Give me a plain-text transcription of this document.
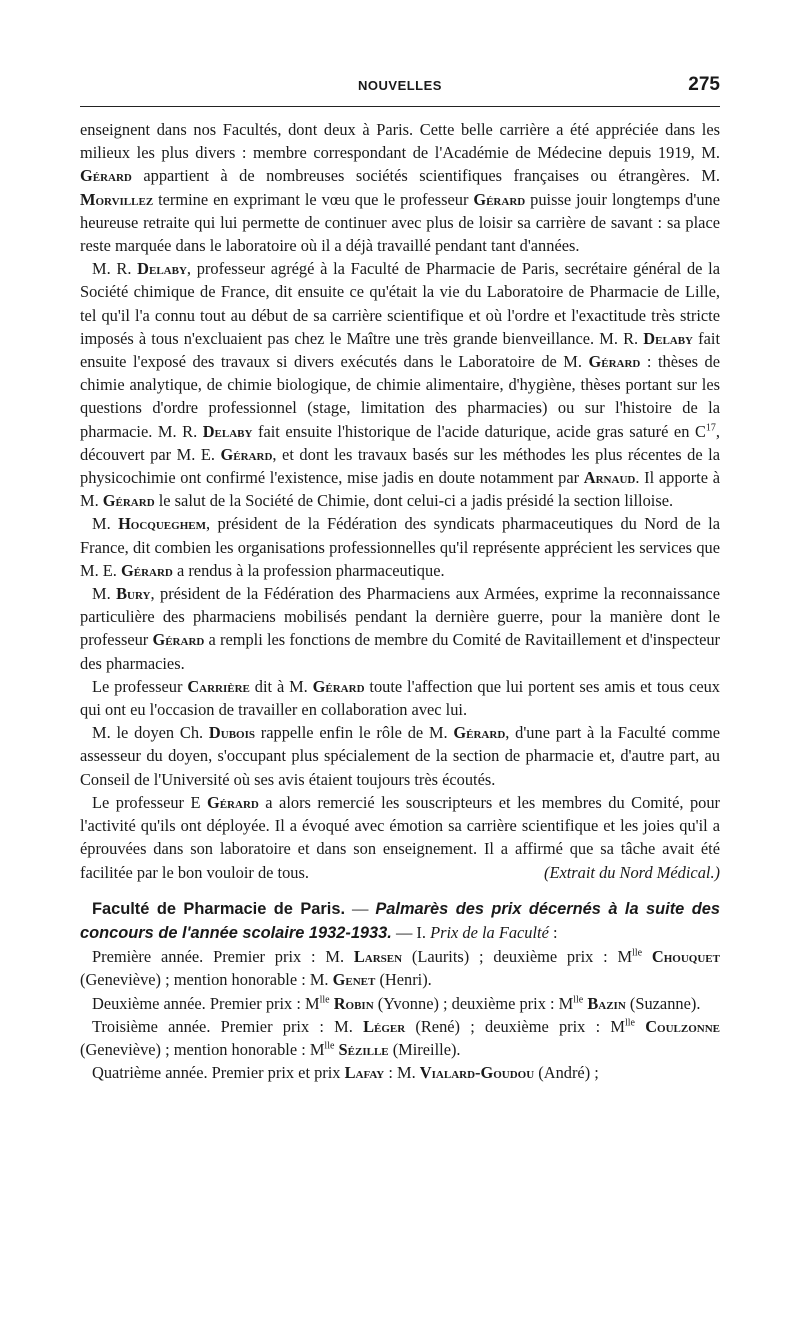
NOUVELLES	275

enseignent dans nos Facultés, dont deux à Paris. Cette belle carrière a été appréciée dans les milieux les plus divers : membre correspondant de l'Académie de Médecine depuis 1919, M. Gérard appartient à de nombreuses sociétés scientifiques françaises ou étrangères. M. Morvillez termine en exprimant le vœu que le professeur Gérard puisse jouir longtemps d'une heureuse retraite qui lui permette de continuer avec plus de loisir sa carrière de savant : sa place reste marquée dans le laboratoire où il a déjà travaillé pendant tant d'années.

M. R. Delaby, professeur agrégé à la Faculté de Pharmacie de Paris, secrétaire général de la Société chimique de France, dit ensuite ce qu'était la vie du Laboratoire de Pharmacie de Lille, tel qu'il l'a connu tout au début de sa carrière scientifique et où l'ordre et l'exactitude très stricte imposés à tous n'excluaient pas chez le Maître une très grande bienveillance. M. R. Delaby fait ensuite l'exposé des travaux si divers exécutés dans le Laboratoire de M. Gérard : thèses de chimie analytique, de chimie biologique, de chimie alimentaire, d'hygiène, thèses portant sur les questions d'ordre professionnel (stage, limitation des pharmacies) ou sur l'histoire de la pharmacie. M. R. Delaby fait ensuite l'historique de l'acide daturique, acide gras saturé en $C^{17}$, découvert par M. E. Gérard, et dont les travaux basés sur les méthodes les plus récentes de la physicochimie ont confirmé l'existence, mise jadis en doute notamment par Arnaud. Il apporte à M. Gérard le salut de la Société de Chimie, dont celui-ci a jadis présidé la section lilloise.

M. Hocquegheм, président de la Fédération des syndicats pharmaceutiques du Nord de la France, dit combien les organisations professionnelles qu'il représente apprécient les services que M. E. Gérard a rendus à la profession pharmaceutique.

M. Bury, président de la Fédération des Pharmaciens aux Armées, exprime la reconnaissance particulière des pharmaciens mobilisés pendant la dernière guerre, pour la manière dont le professeur Gérard a rempli les fonctions de membre du Comité de Ravitaillement et d'inspecteur des pharmacies.

Le professeur Carrière dit à M. Gérard toute l'affection que lui portent ses amis et tous ceux qui ont eu l'occasion de travailler en collaboration avec lui.

M. le doyen Ch. Dubois rappelle enfin le rôle de M. Gérard, d'une part à la Faculté comme assesseur du doyen, s'occupant plus spécialement de la section de pharmacie et, d'autre part, au Conseil de l'Université où ses avis étaient toujours très écoutés.

Le professeur E Gérard a alors remercié les souscripteurs et les membres du Comité, pour l'activité qu'ils ont déployée. Il a évoqué avec émotion sa carrière scientifique et les joies qu'il a éprouvées dans son laboratoire et dans son enseignement. Il a affirmé que sa tâche avait été facilitée par le bon vouloir de tous.	(Extrait du Nord Médical.)

Faculté de Pharmacie de Paris. — Palmarès des prix décernés à la suite des concours de l'année scolaire 1932-1933. — I. Prix de la Faculté :

Première année. Premier prix : M. Larsen (Laurits) ; deuxième prix : $M^{lle}$ Chouquet (Geneviève) ; mention honorable : M. Genet (Henri).

Deuxième année. Premier prix : $M^{lle}$ Robin (Yvonne) ; deuxième prix : $M^{lle}$ Bazin (Suzanne).

Troisième année. Premier prix : M. Léger (René) ; deuxième prix : $M^{lle}$ Coulzonne (Geneviève) ; mention honorable : $M^{lle}$ Sézille (Mireille).

Quatrième année. Premier prix et prix Lafay : M. Vialard-Goudou (André) ;
